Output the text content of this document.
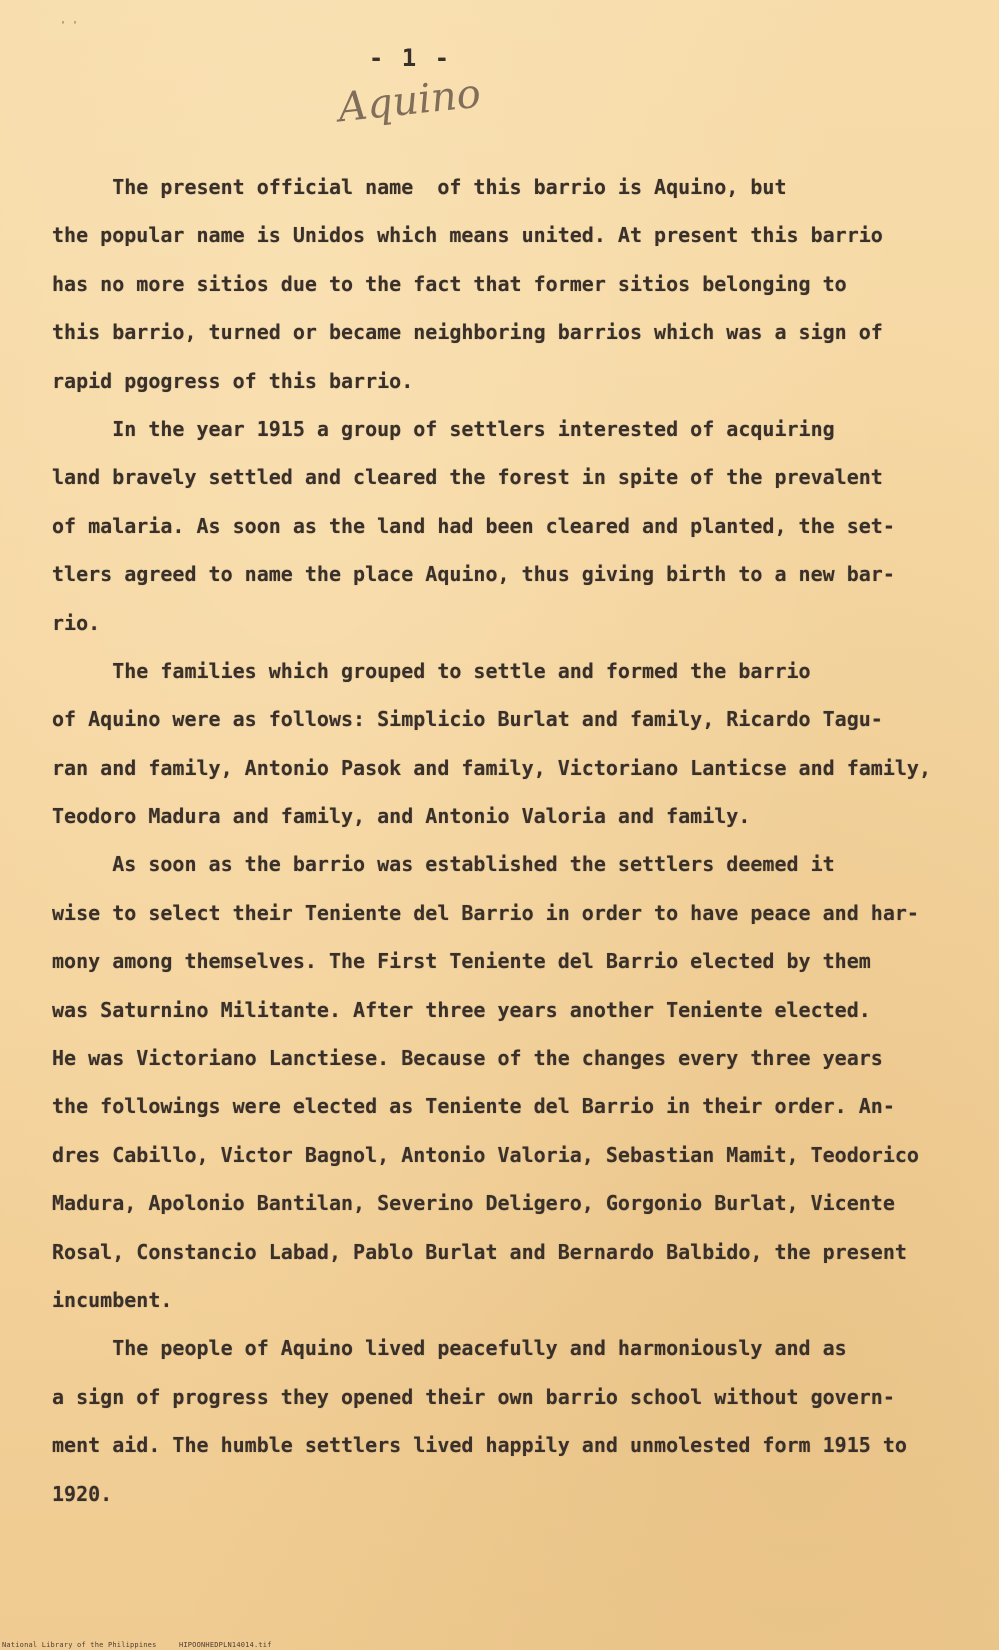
' '
- 1 -
Aquino
The present official name  of this barrio is Aquino, but
the popular name is Unidos which means united. At present this barrio
has no more sitios due to the fact that former sitios belonging to
this barrio, turned or became neighboring barrios which was a sign of
rapid pgogress of this barrio.
In the year 1915 a group of settlers interested of acquiring
land bravely settled and cleared the forest in spite of the prevalent
of malaria. As soon as the land had been cleared and planted, the set-
tlers agreed to name the place Aquino, thus giving birth to a new bar-
rio.
The families which grouped to settle and formed the barrio
of Aquino were as follows: Simplicio Burlat and family, Ricardo Tagu-
ran and family, Antonio Pasok and family, Victoriano Lanticse and family,
Teodoro Madura and family, and Antonio Valoria and family.
As soon as the barrio was established the settlers deemed it
wise to select their Teniente del Barrio in order to have peace and har-
mony among themselves. The First Teniente del Barrio elected by them
was Saturnino Militante. After three years another Teniente elected.
He was Victoriano Lanctiese. Because of the changes every three years
the followings were elected as Teniente del Barrio in their order. An-
dres Cabillo, Victor Bagnol, Antonio Valoria, Sebastian Mamit, Teodorico
Madura, Apolonio Bantilan, Severino Deligero, Gorgonio Burlat, Vicente
Rosal, Constancio Labad, Pablo Burlat and Bernardo Balbido, the present
incumbent.
The people of Aquino lived peacefully and harmoniously and as
a sign of progress they opened their own barrio school without govern-
ment aid. The humble settlers lived happily and unmolested form 1915 to
1920.
National Library of the Philippines	HIPOONHEDPLN14014.tif
